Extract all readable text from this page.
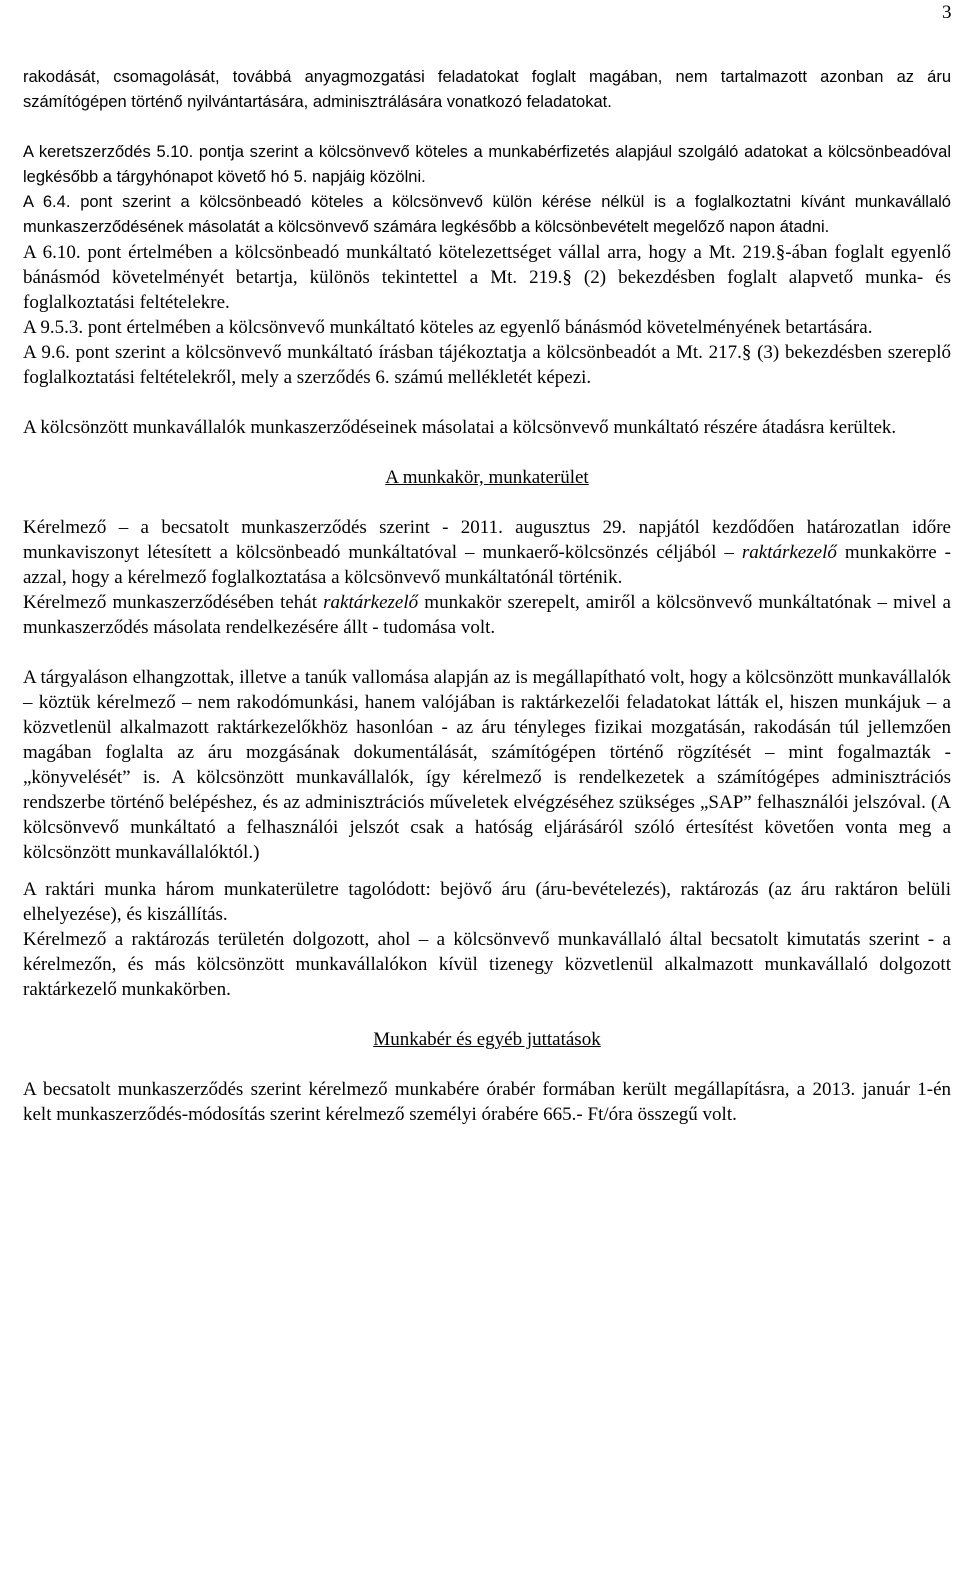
3

rakodását, csomagolását, továbbá anyagmozgatási feladatokat foglalt magában, nem tartalmazott azonban az áru számítógépen történő nyilvántartására, adminisztrálására vonatkozó feladatokat.

A keretszerződés 5.10. pontja szerint a kölcsönvevő köteles a munkabérfizetés alapjául szolgáló adatokat a kölcsönbeadóval legkésőbb a tárgyhónapot követő hó 5. napjáig közölni.

A 6.4. pont szerint a kölcsönbeadó köteles a kölcsönvevő külön kérése nélkül is a foglalkoztatni kívánt munkavállaló munkaszerződésének másolatát a kölcsönvevő számára legkésőbb a kölcsönbevételt megelőző napon átadni.

A 6.10. pont értelmében a kölcsönbeadó munkáltató kötelezettséget vállal arra, hogy a Mt. 219.§-ában foglalt egyenlő bánásmód követelményét betartja, különös tekintettel a Mt. 219.§ (2) bekezdésben foglalt alapvető munka- és foglalkoztatási feltételekre.

A 9.5.3. pont értelmében a kölcsönvevő munkáltató köteles az egyenlő bánásmód követelményének betartására.

A 9.6. pont szerint a kölcsönvevő munkáltató írásban tájékoztatja a kölcsönbeadót a Mt. 217.§ (3) bekezdésben szereplő foglalkoztatási feltételekről, mely a szerződés 6. számú mellékletét képezi.

A kölcsönzött munkavállalók munkaszerződéseinek másolatai a kölcsönvevő munkáltató részére átadásra kerültek.

A munkakör, munkaterület

Kérelmező – a becsatolt munkaszerződés szerint - 2011. augusztus 29. napjától kezdődően határozatlan időre munkaviszonyt létesített a kölcsönbeadó munkáltatóval – munkaerő-kölcsönzés céljából – raktárkezelő munkakörre - azzal, hogy a kérelmező foglalkoztatása a kölcsönvevő munkáltatónál történik.

Kérelmező munkaszerződésében tehát raktárkezelő munkakör szerepelt, amiről a kölcsönvevő munkáltatónak – mivel a munkaszerződés másolata rendelkezésére állt - tudomása volt.

A tárgyaláson elhangzottak, illetve a tanúk vallomása alapján az is megállapítható volt, hogy a kölcsönzött munkavállalók – köztük kérelmező – nem rakodómunkási, hanem valójában is raktárkezelői feladatokat látták el, hiszen munkájuk – a közvetlenül alkalmazott raktárkezelőkhöz hasonlóan - az áru tényleges fizikai mozgatásán, rakodásán túl jellemzően magában foglalta az áru mozgásának dokumentálását, számítógépen történő rögzítését – mint fogalmazták - „könyvelését” is. A kölcsönzött munkavállalók, így kérelmező is rendelkezetek a számítógépes adminisztrációs rendszerbe történő belépéshez, és az adminisztrációs műveletek elvégzéséhez szükséges „SAP” felhasználói jelszóval. (A kölcsönvevő munkáltató a felhasználói jelszót csak a hatóság eljárásáról szóló értesítést követően vonta meg a kölcsönzött munkavállalóktól.)

A raktári munka három munkaterületre tagolódott: bejövő áru (áru-bevételezés), raktározás (az áru raktáron belüli elhelyezése), és kiszállítás.

Kérelmező a raktározás területén dolgozott, ahol – a kölcsönvevő munkavállaló által becsatolt kimutatás szerint - a kérelmezőn, és más kölcsönzött munkavállalókon kívül tizenegy közvetlenül alkalmazott munkavállaló dolgozott raktárkezelő munkakörben.

Munkabér és egyéb juttatások

A becsatolt munkaszerződés szerint kérelmező munkabére órabér formában került megállapításra, a 2013. január 1-én kelt munkaszerződés-módosítás szerint kérelmező személyi órabére 665.- Ft/óra összegű volt.
